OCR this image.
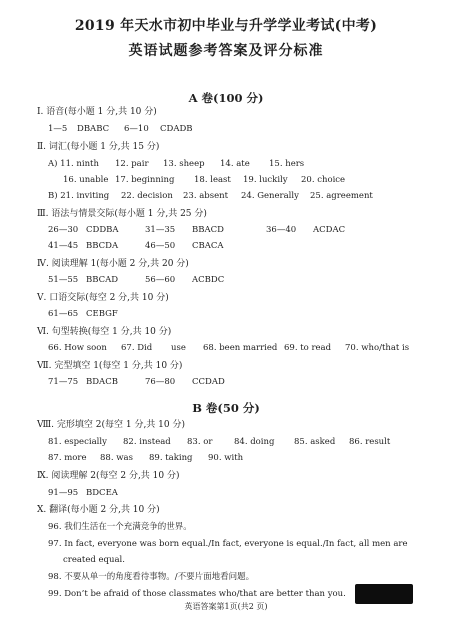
2019 年天水市初中毕业与升学学业考试(中考)
英语试题参考答案及评分标准
A 卷(100 分)
Ⅰ. 语音(每小题 1 分,共 10 分)
1—5 DBABC 6—10 CDADB
Ⅱ. 词汇(每小题 1 分,共 15 分)
A) 11. ninth 12. pair 13. sheep 14. ate 15. hers
16. unable 17. beginning 18. least 19. luckily 20. choice
B) 21. inviting 22. decision 23. absent 24. Generally 25. agreement
Ⅲ. 语法与情景交际(每小题 1 分,共 25 分)
26—30 CDDBA	31—35 BBACD	36—40 ACDAC
41—45 BBCDA	46—50 CBACA
Ⅳ. 阅读理解 1(每小题 2 分,共 20 分)
51—55 BBCAD	56—60 ACBDC
Ⅴ. 口语交际(每空 2 分,共 10 分)
61—65 CEBGF
Ⅵ. 句型转换(每空 1 分,共 10 分)
66. How soon 67. Did use 68. been married 69. to read 70. who/that is
Ⅶ. 完型填空 1(每空 1 分,共 10 分)
71—75 BDACB	76—80 CCDAD
B 卷(50 分)
Ⅷ. 完形填空 2(每空 1 分,共 10 分)
81. especially 82. instead 83. or	84. doing 85. asked 86. result
87. more 88. was 89. taking 90. with
Ⅸ. 阅读理解 2(每空 2 分,共 10 分)
91—95 BDCEA
Ⅹ. 翻译(每小题 2 分,共 10 分)
96. 我们生活在一个充满竞争的世界。
97. In fact, everyone was born equal./In fact, everyone is equal./In fact, all men are
created equal.
98. 不要从单一的角度看待事物。/不要片面地看问题。
99. Don’t be afraid of those classmates who/that are better than you.
英语答案第1页(共2 页)
